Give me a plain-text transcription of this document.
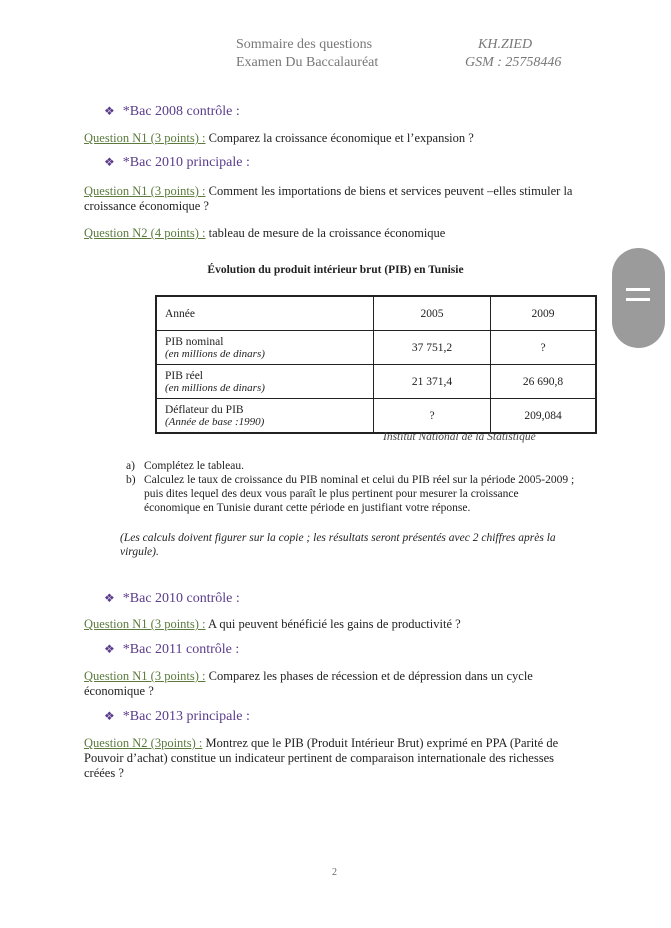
Sommaire des questions
Examen Du Baccalauréat
KH.ZIED
GSM : 25758446
❖ *Bac 2008 contrôle :
Question N1 (3 points) : Comparez la croissance économique et l’expansion ?
❖ *Bac 2010 principale :
Question N1 (3 points) : Comment les importations de biens et services peuvent –elles stimuler la croissance économique ?
Question N2 (4 points) : tableau de mesure de la croissance économique
Évolution du produit intérieur brut (PIB) en Tunisie
Année	2005	2009
PIB nominal
(en millions de dinars)	37 751,2	?
PIB réel
(en millions de dinars)	21 371,4	26 690,8
Déflateur du PIB
(Année de base :1990)	?	209,084
Institut National de la Statistique
a) Complétez le tableau.
b) Calculez le taux de croissance du PIB nominal et celui du PIB réel sur la période 2005-2009 ; puis dites lequel des deux vous paraît le plus pertinent pour mesurer la croissance économique en Tunisie durant cette période en justifiant votre réponse.
(Les calculs doivent figurer sur la copie ; les résultats seront présentés avec 2 chiffres après la virgule).
❖ *Bac 2010 contrôle :
Question N1 (3 points) : A qui peuvent bénéficié les gains de productivité ?
❖ *Bac 2011 contrôle :
Question N1 (3 points) : Comparez les phases de récession et de dépression dans un cycle économique ?
❖ *Bac 2013 principale :
Question N2 (3points) : Montrez que le PIB (Produit Intérieur Brut) exprimé en PPA (Parité de Pouvoir d’achat) constitue un indicateur pertinent de comparaison internationale des richesses créées ?
2
